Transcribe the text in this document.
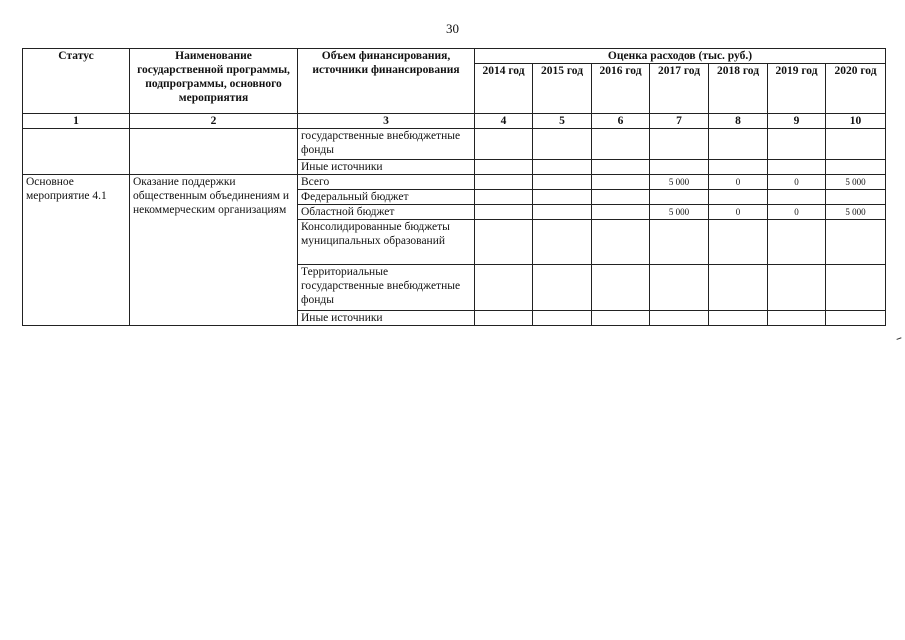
30
Статус	Наименование государственной программы, подпрограммы, основного мероприятия	Объем финансирования, источники финансирования	Оценка расходов (тыс. руб.)						
			2014 год	2015 год	2016 год	2017 год	2018 год	2019 год	2020 год
1	2	3	4	5	6	7	8	9	10
		государственные внебюджетные фонды							
		Иные источники							
Основное мероприятие 4.1	Оказание поддержки общественным объединениям и некоммерческим организациям	Всего				5 000	0	0	5 000
		Федеральный бюджет							
		Областной бюджет				5 000	0	0	5 000
		Консолидированные бюджеты муниципальных образований							
		Территориальные государственные внебюджетные фонды							
		Иные источники							
